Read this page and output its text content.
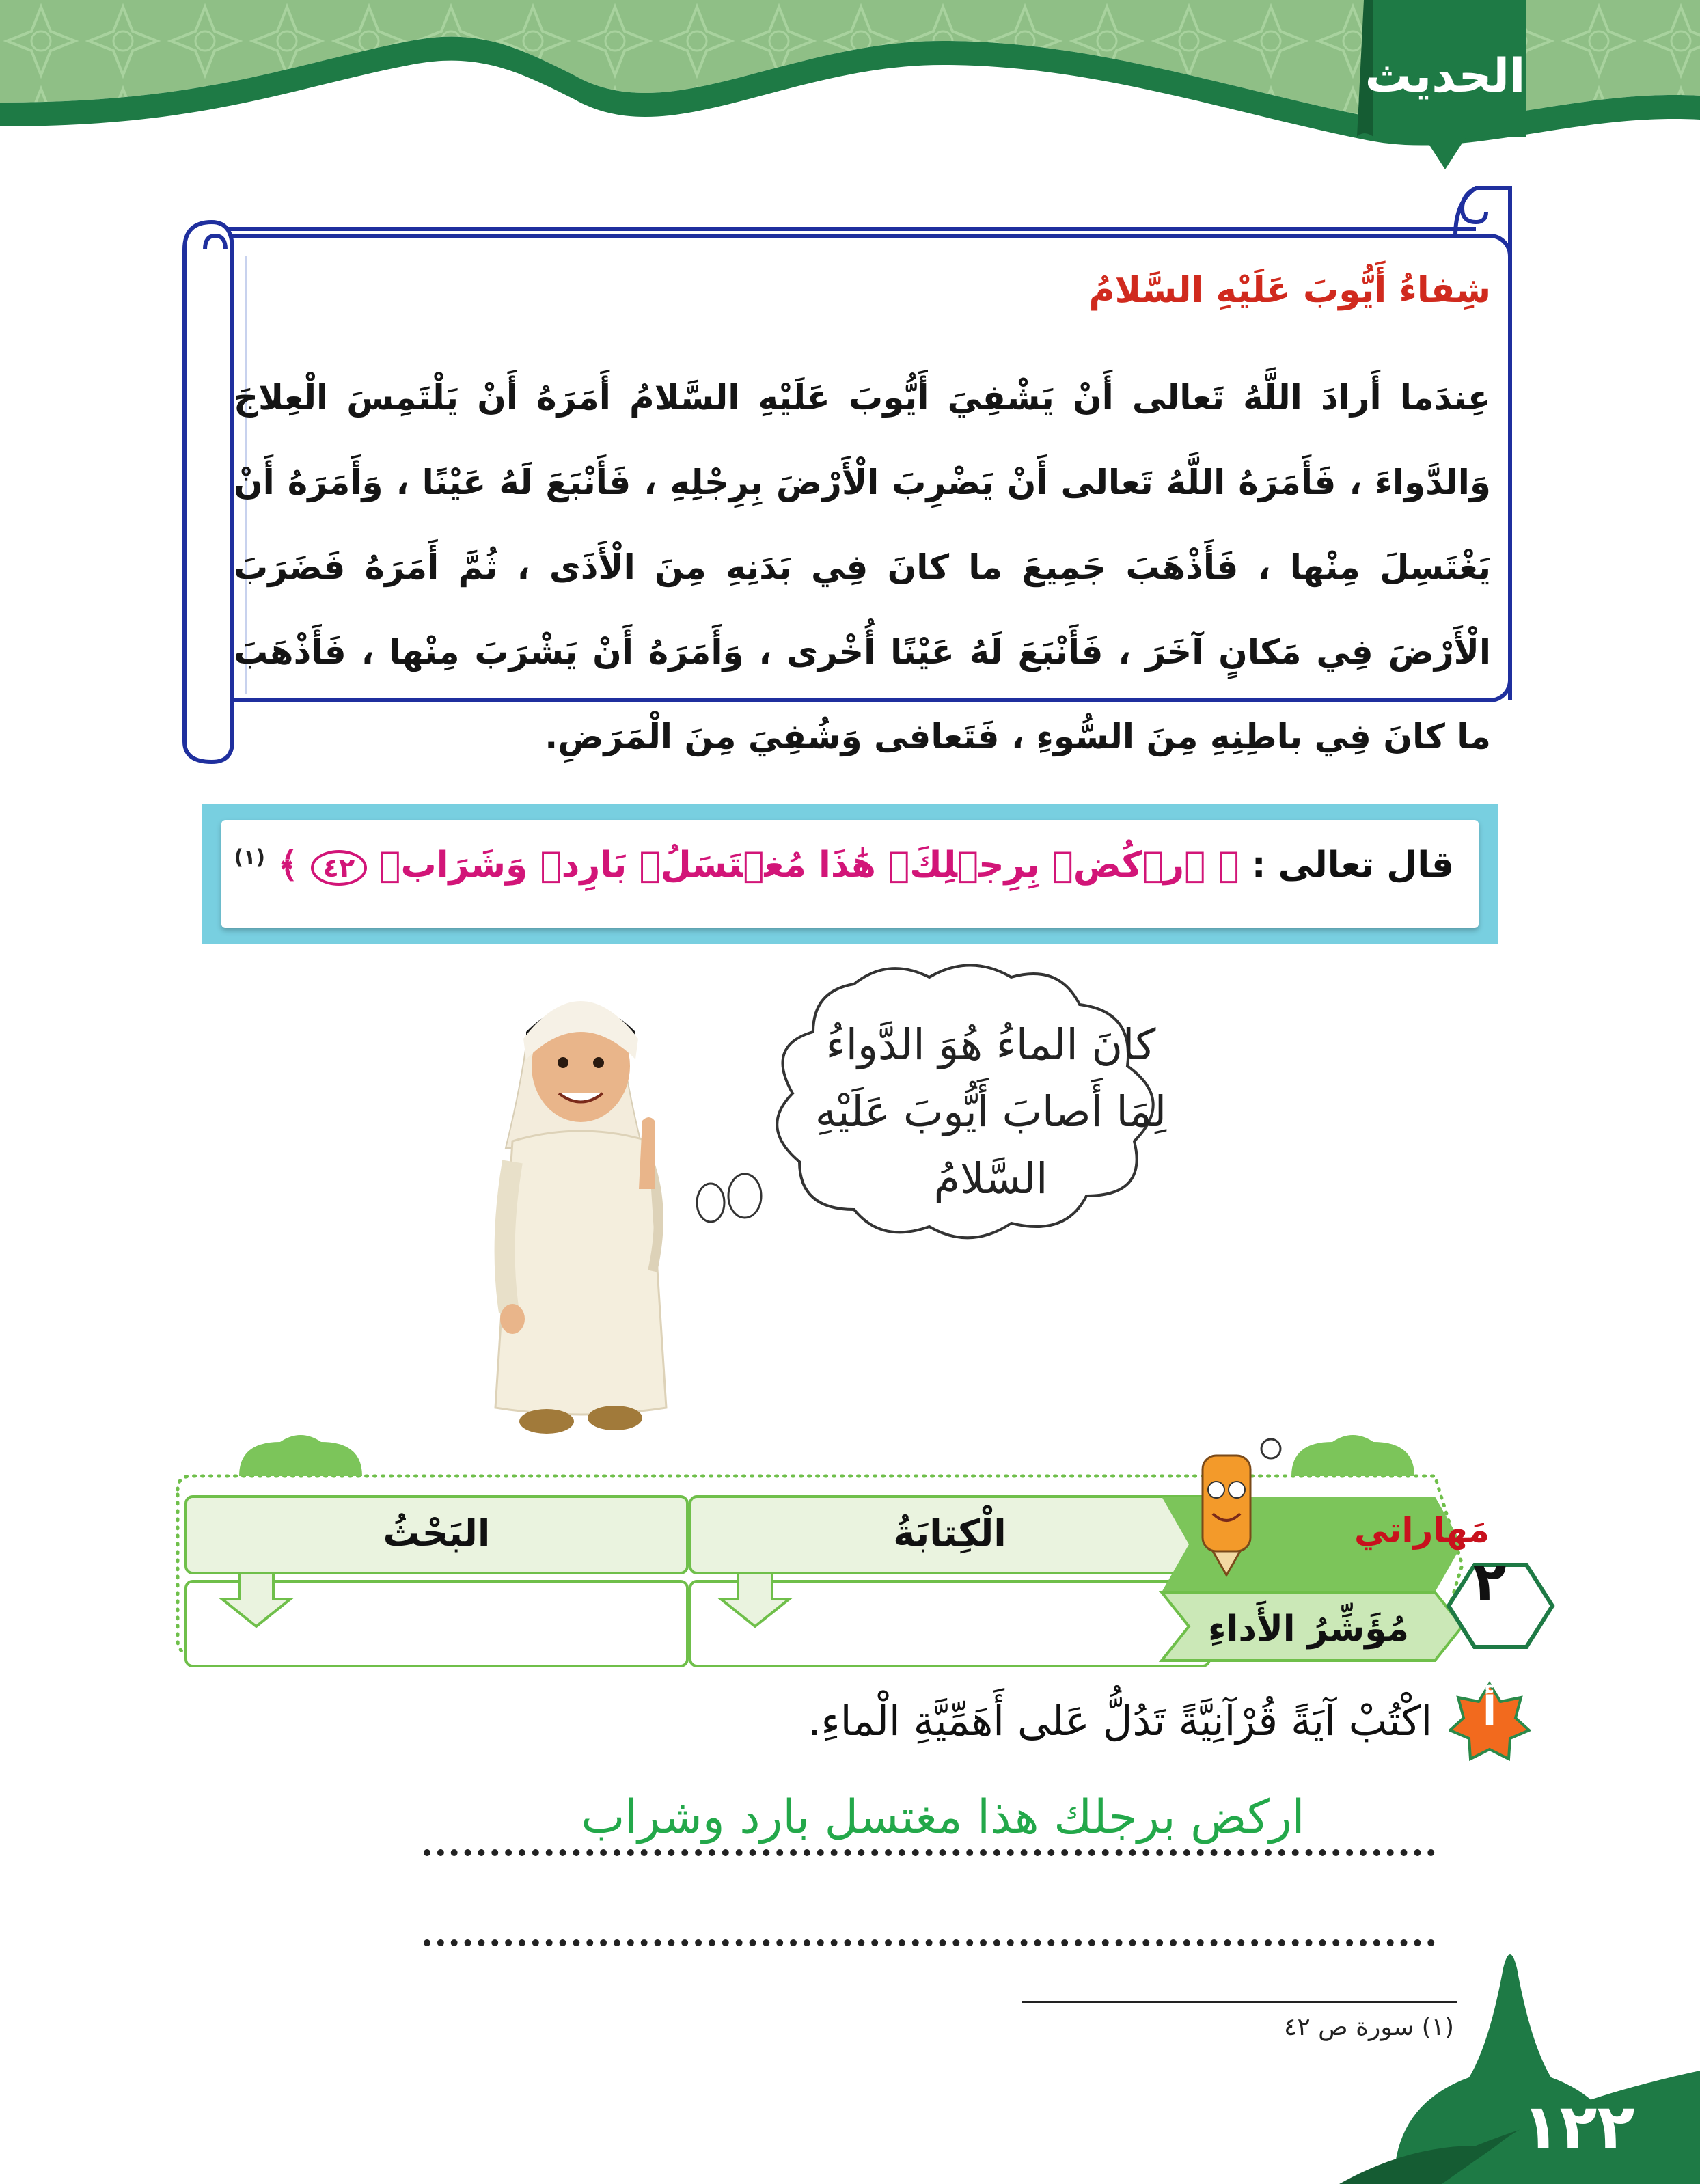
الحديث
شِفاءُ أَيُّوبَ عَلَيْهِ السَّلامُ
عِندَما أَرادَ اللَّهُ تَعالى أَنْ يَشْفِيَ أَيُّوبَ عَلَيْهِ السَّلامُ أَمَرَهُ أَنْ يَلْتَمِسَ الْعِلاجَ وَالدَّواءَ ، فَأَمَرَهُ اللَّهُ تَعالى أَنْ يَضْرِبَ الْأَرْضَ بِرِجْلِهِ ، فَأَنْبَعَ لَهُ عَيْنًا ، وَأَمَرَهُ أَنْ يَغْتَسِلَ مِنْها ، فَأَذْهَبَ جَمِيعَ ما كانَ فِي بَدَنِهِ مِنَ الْأَذَى ، ثُمَّ أَمَرَهُ فَضَرَبَ الْأَرْضَ فِي مَكانٍ آخَرَ ، فَأَنْبَعَ لَهُ عَيْنًا أُخْرى ، وَأَمَرَهُ أَنْ يَشْرَبَ مِنْها ، فَأَذْهَبَ ما كانَ فِي باطِنِهِ مِنَ السُّوءِ ، فَتَعافى وَشُفِيَ مِنَ الْمَرَضِ.
قال تعالى : ﴿ ٱرۡكُضۡ بِرِجۡلِكَۖ هَٰذَا مُغۡتَسَلُۢ بَارِدٞ وَشَرَابٞ ٤٢ ﴾ $^{(١)}$
كانَ الماءُ هُوَ الدَّواءُ
لِمَا أَصابَ أَيُّوبَ عَلَيْهِ
السَّلامُ
الْكِتابَةُ
البَحْثُ	مَهاراتي
مُؤَشِّرُ الأَداءِ
٢
أ
اكْتُبْ آيَةً قُرْآنِيَّةً تَدُلُّ عَلى أَهَمِّيَّةِ الْماءِ.
اركض برجلك هذا مغتسل بارد وشراب
(١) سورة ص ٤٢
١٢٢
